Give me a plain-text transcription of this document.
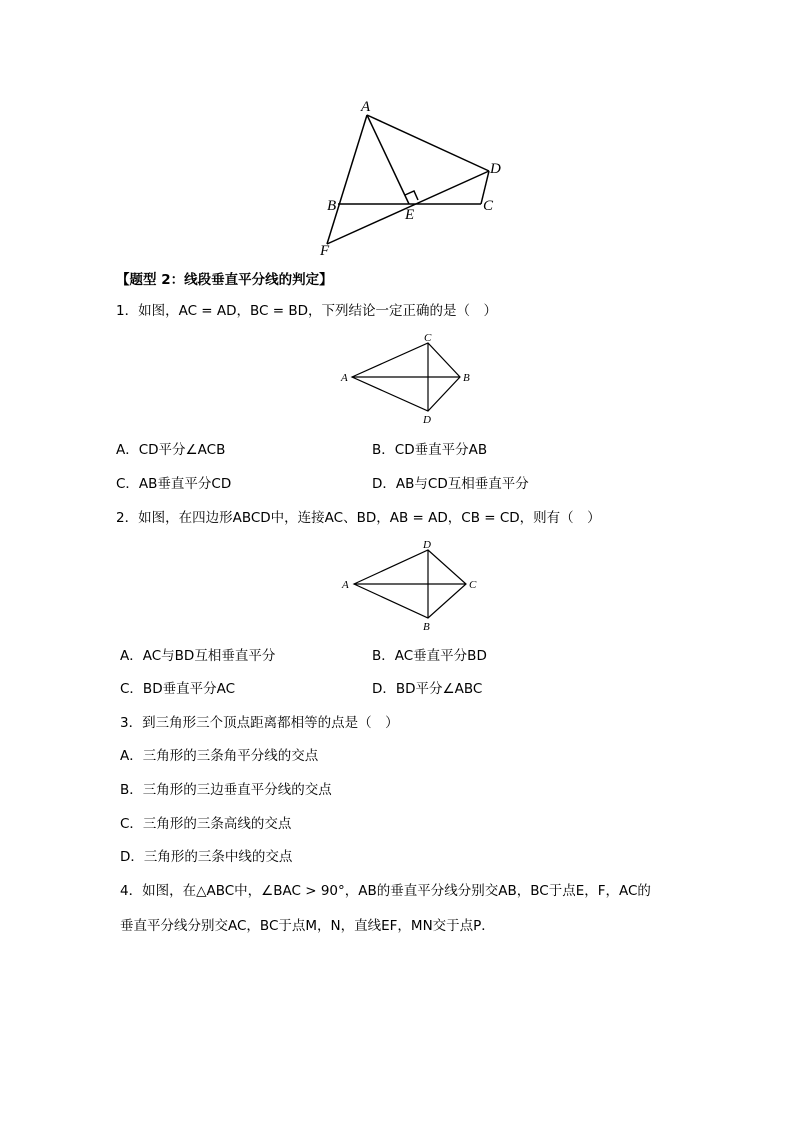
A
B	C
D
E
F
【题型 2：线段垂直平分线的判定】
1．如图，AC = AD，BC = BD，下列结论一定正确的是（　）
A	B
C
D
A．CD平分∠ACB	B．CD垂直平分AB
C．AB垂直平分CD	D．AB与CD互相垂直平分
2．如图，在四边形ABCD中，连接AC、BD，AB = AD，CB = CD，则有（　）
A
B
C
D
A．AC与BD互相垂直平分	B．AC垂直平分BD
C．BD垂直平分AC	D．BD平分∠ABC
3．到三角形三个顶点距离都相等的点是（　）
A．三角形的三条角平分线的交点
B．三角形的三边垂直平分线的交点
C．三角形的三条高线的交点
D．三角形的三条中线的交点
4．如图，在△ABC中，∠BAC > 90°，AB的垂直平分线分别交AB，BC于点E，F，AC的
垂直平分线分别交AC，BC于点M，N，直线EF，MN交于点P．
